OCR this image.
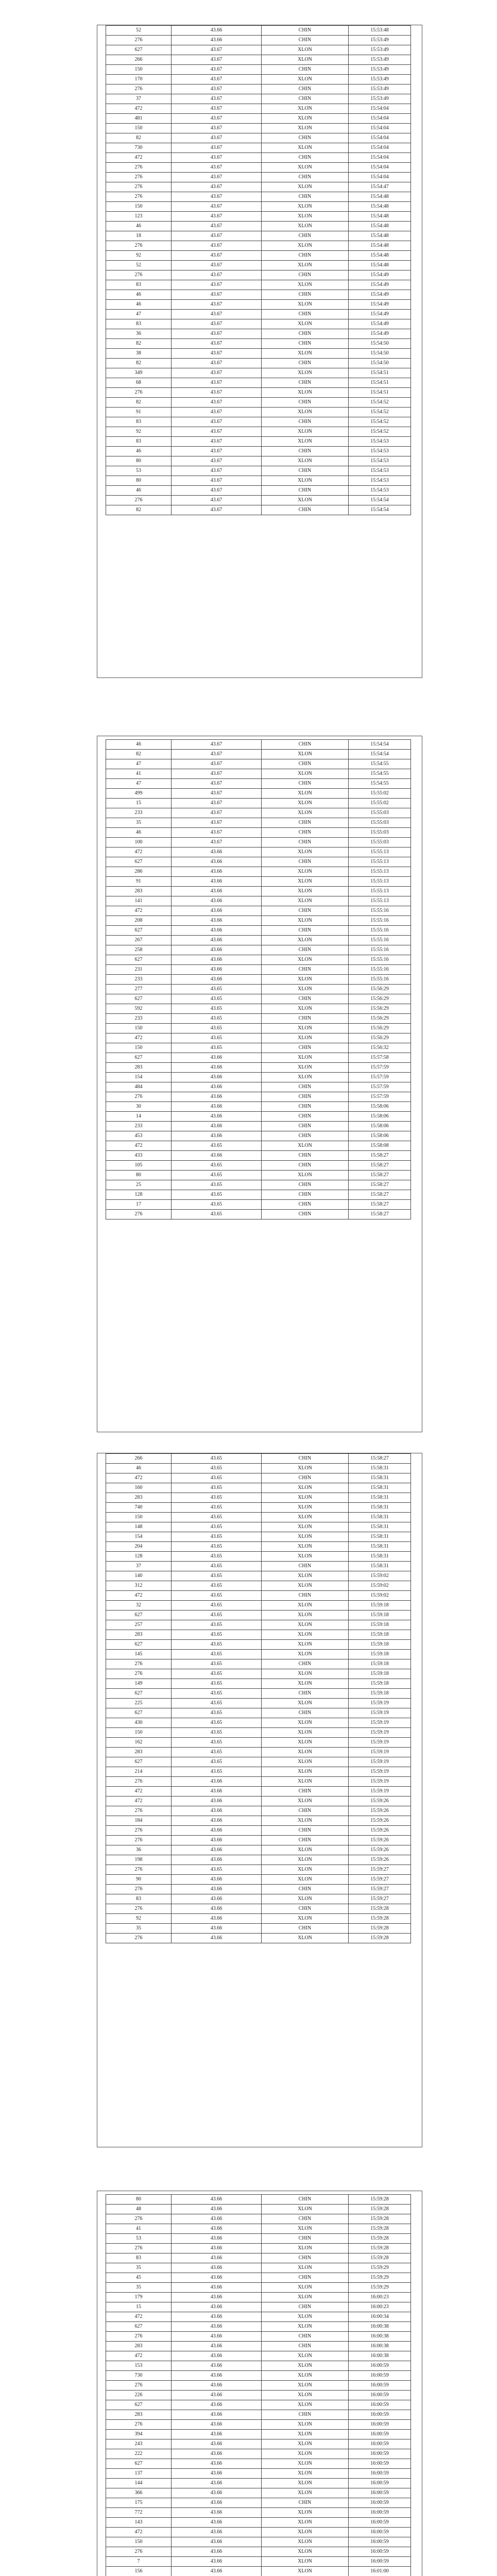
52	43.66	CHIN	15:53:48
276	43.66	CHIN	15:53:49
627	43.67	XLON	15:53:49
266	43.67	XLON	15:53:49
150	43.67	CHIN	15:53:49
170	43.67	XLON	15:53:49
276	43.67	CHIN	15:53:49
37	43.67	CHIN	15:53:49
472	43.67	XLON	15:54:04
481	43.67	XLON	15:54:04
150	43.67	XLON	15:54:04
82	43.67	CHIN	15:54:04
730	43.67	XLON	15:54:04
472	43.67	CHIN	15:54:04
276	43.67	XLON	15:54:04
276	43.67	CHIN	15:54:04
276	43.67	XLON	15:54:47
276	43.67	CHIN	15:54:48
150	43.67	XLON	15:54:48
123	43.67	XLON	15:54:48
46	43.67	XLON	15:54:48
18	43.67	CHIN	15:54:48
276	43.67	XLON	15:54:48
92	43.67	CHIN	15:54:48
52	43.67	XLON	15:54:48
276	43.67	CHIN	15:54:49
83	43.67	XLON	15:54:49
46	43.67	CHIN	15:54:49
46	43.67	XLON	15:54:49
47	43.67	CHIN	15:54:49
83	43.67	XLON	15:54:49
36	43.67	CHIN	15:54:49
82	43.67	CHIN	15:54:50
38	43.67	XLON	15:54:50
82	43.67	CHIN	15:54:50
349	43.67	XLON	15:54:51
68	43.67	CHIN	15:54:51
276	43.67	XLON	15:54:51
82	43.67	CHIN	15:54:52
91	43.67	XLON	15:54:52
83	43.67	CHIN	15:54:52
92	43.67	XLON	15:54:52
83	43.67	XLON	15:54:53
46	43.67	CHIN	15:54:53
80	43.67	XLON	15:54:53
53	43.67	CHIN	15:54:53
80	43.67	XLON	15:54:53
46	43.67	CHIN	15:54:53
276	43.67	XLON	15:54:54
82	43.67	CHIN	15:54:54
46	43.67	CHIN	15:54:54
82	43.67	XLON	15:54:54
47	43.67	CHIN	15:54:55
41	43.67	XLON	15:54:55
47	43.67	CHIN	15:54:55
499	43.67	XLON	15:55:02
15	43.67	XLON	15:55:02
233	43.67	XLON	15:55:03
35	43.67	CHIN	15:55:03
46	43.67	CHIN	15:55:03
100	43.67	CHIN	15:55:03
472	43.66	XLON	15:55:13
627	43.66	CHIN	15:55:13
286	43.66	XLON	15:55:13
91	43.66	XLON	15:55:13
283	43.66	XLON	15:55:13
141	43.66	XLON	15:55:13
472	43.66	CHIN	15:55:16
208	43.66	XLON	15:55:16
627	43.66	CHIN	15:55:16
267	43.66	XLON	15:55:16
258	43.66	CHIN	15:55:16
627	43.66	XLON	15:55:16
231	43.66	CHIN	15:55:16
233	43.66	XLON	15:55:16
277	43.65	XLON	15:56:29
627	43.65	CHIN	15:56:29
592	43.65	XLON	15:56:29
233	43.65	CHIN	15:56:29
150	43.65	XLON	15:56:29
472	43.65	XLON	15:56:29
150	43.65	CHIN	15:56:32
627	43.66	XLON	15:57:58
283	43.66	XLON	15:57:59
154	43.66	XLON	15:57:59
484	43.66	CHIN	15:57:59
276	43.66	CHIN	15:57:59
30	43.66	CHIN	15:58:06
14	43.66	CHIN	15:58:06
233	43.66	CHIN	15:58:06
453	43.66	CHIN	15:58:06
472	43.65	XLON	15:58:08
433	43.66	CHIN	15:58:27
105	43.65	CHIN	15:58:27
80	43.65	XLON	15:58:27
25	43.65	CHIN	15:58:27
128	43.65	CHIN	15:58:27
17	43.65	CHIN	15:58:27
276	43.65	CHIN	15:58:27
266	43.65	CHIN	15:58:27
46	43.65	XLON	15:58:31
472	43.65	CHIN	15:58:31
160	43.65	XLON	15:58:31
283	43.65	XLON	15:58:31
740	43.65	XLON	15:58:31
150	43.65	XLON	15:58:31
148	43.65	XLON	15:58:31
154	43.65	XLON	15:58:31
204	43.65	XLON	15:58:31
128	43.65	XLON	15:58:31
37	43.65	CHIN	15:58:31
140	43.65	XLON	15:59:02
312	43.65	XLON	15:59:02
472	43.65	CHIN	15:59:02
32	43.65	XLON	15:59:18
627	43.65	XLON	15:59:18
257	43.65	XLON	15:59:18
283	43.65	XLON	15:59:18
627	43.65	XLON	15:59:18
145	43.65	XLON	15:59:18
276	43.65	CHIN	15:59:18
276	43.65	XLON	15:59:18
149	43.65	XLON	15:59:18
627	43.65	CHIN	15:59:18
225	43.65	XLON	15:59:19
627	43.65	CHIN	15:59:19
430	43.65	XLON	15:59:19
150	43.65	XLON	15:59:19
162	43.65	XLON	15:59:19
283	43.65	XLON	15:59:19
627	43.65	XLON	15:59:19
214	43.65	XLON	15:59:19
276	43.66	XLON	15:59:19
472	43.66	CHIN	15:59:19
472	43.66	XLON	15:59:26
276	43.66	CHIN	15:59:26
184	43.66	XLON	15:59:26
276	43.66	CHIN	15:59:26
276	43.66	CHIN	15:59:26
36	43.66	XLON	15:59:26
198	43.66	XLON	15:59:26
276	43.65	XLON	15:59:27
90	43.66	XLON	15:59:27
276	43.66	CHIN	15:59:27
83	43.66	XLON	15:59:27
276	43.66	CHIN	15:59:28
92	43.66	XLON	15:59:28
35	43.66	CHIN	15:59:28
276	43.66	XLON	15:59:28
80	43.66	CHIN	15:59:28
48	43.66	XLON	15:59:28
276	43.66	CHIN	15:59:28
41	43.66	XLON	15:59:28
53	43.66	CHIN	15:59:28
276	43.66	XLON	15:59:28
83	43.66	CHIN	15:59:28
35	43.66	XLON	15:59:29
45	43.66	CHIN	15:59:29
35	43.66	XLON	15:59:29
179	43.66	XLON	16:00:23
15	43.66	CHIN	16:00:23
472	43.66	XLON	16:00:34
627	43.66	XLON	16:00:38
276	43.66	CHIN	16:00:38
283	43.66	CHIN	16:00:38
472	43.66	XLON	16:00:38
153	43.66	XLON	16:00:59
730	43.66	XLON	16:00:59
276	43.66	XLON	16:00:59
226	43.66	XLON	16:00:59
627	43.66	XLON	16:00:59
283	43.66	CHIN	16:00:59
276	43.66	XLON	16:00:59
394	43.66	XLON	16:00:59
243	43.66	XLON	16:00:59
222	43.66	XLON	16:00:59
627	43.66	XLON	16:00:59
137	43.66	XLON	16:00:59
144	43.66	XLON	16:00:59
366	43.66	XLON	16:00:59
175	43.66	CHIN	16:00:59
772	43.66	XLON	16:00:59
143	43.66	XLON	16:00:59
472	43.66	XLON	16:00:59
150	43.66	XLON	16:00:59
276	43.66	XLON	16:00:59
7	43.66	XLON	16:00:59
156	43.66	XLON	16:01:00
